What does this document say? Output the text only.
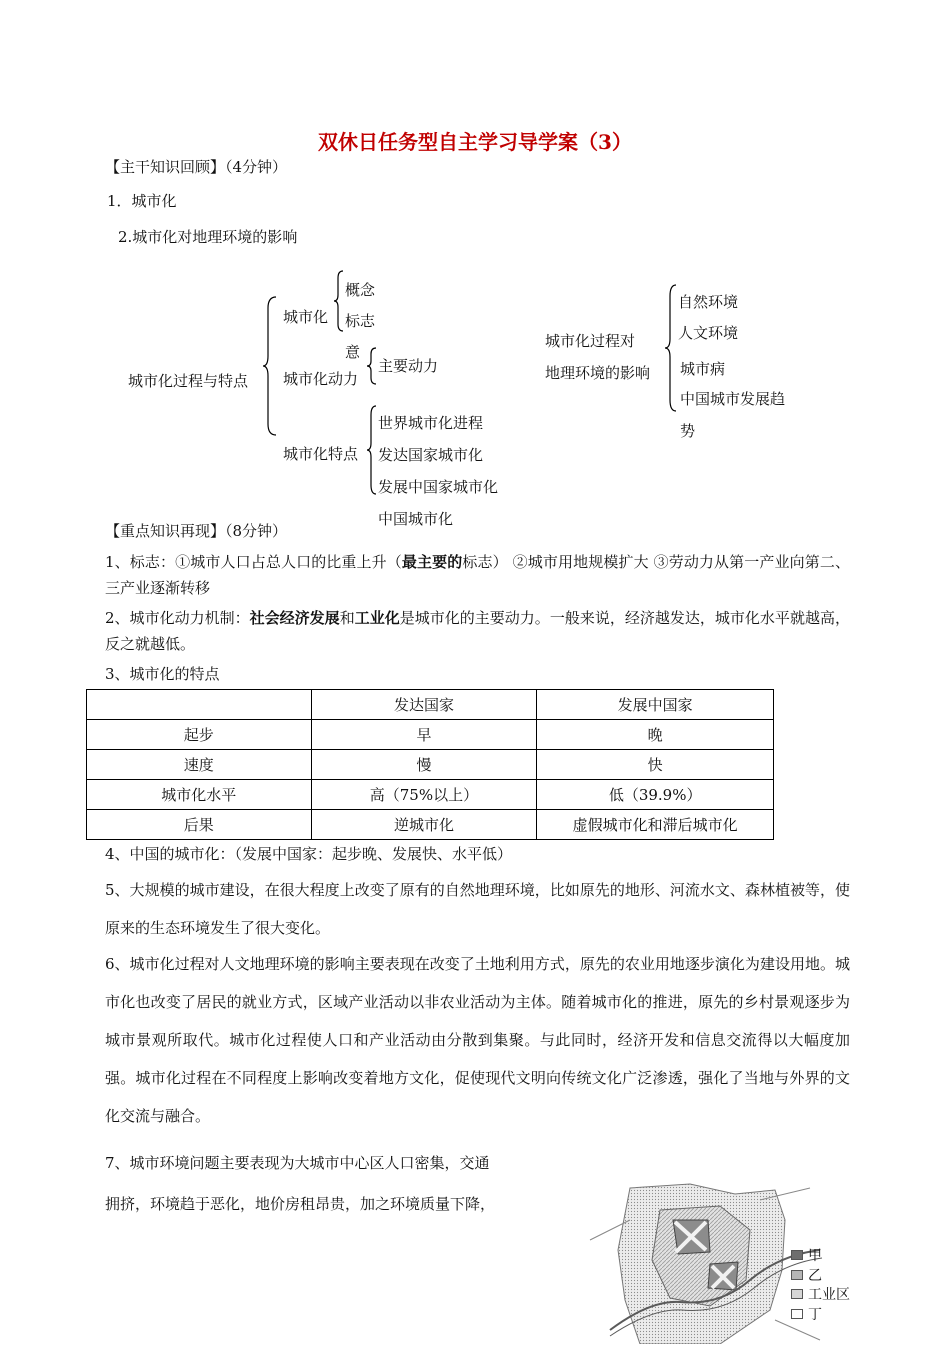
双休日任务型自主学习导学案（3）
【主干知识回顾】（4分钟）
1．城市化
2.城市化对地理环境的影响
城市化过程与特点
城市化
城市化动力
城市化特点
概念
标志
意
主要动力
世界城市化进程
发达国家城市化
发展中国家城市化
中国城市化
城市化过程对
地理环境的影响
自然环境
人文环境
城市病
中国城市发展趋
势
【重点知识再现】（8分钟）
1、标志：①城市人口占总人口的比重上升（最主要的标志） ②城市用地规模扩大 ③劳动力从第一产业向第二、三产业逐渐转移
2、城市化动力机制：社会经济发展和工业化是城市化的主要动力。一般来说，经济越发达，城市化水平就越高，反之就越低。
3、城市化的特点
	发达国家	发展中国家
起步	早	晚
速度	慢	快
城市化水平	高（75%以上）	低（39.9%）
后果	逆城市化	虚假城市化和滞后城市化
4、中国的城市化：（发展中国家：起步晚、发展快、水平低）
5、大规模的城市建设，在很大程度上改变了原有的自然地理环境，比如原先的地形、河流水文、森林植被等，使原来的生态环境发生了很大变化。
6、城市化过程对人文地理环境的影响主要表现在改变了土地利用方式，原先的农业用地逐步演化为建设用地。城市化也改变了居民的就业方式，区域产业活动以非农业活动为主体。随着城市化的推进，原先的乡村景观逐步为城市景观所取代。城市化过程使人口和产业活动由分散到集聚。与此同时，经济开发和信息交流得以大幅度加强。城市化过程在不同程度上影响改变着地方文化，促使现代文明向传统文化广泛渗透，强化了当地与外界的文化交流与融合。
7、城市环境问题主要表现为大城市中心区人口密集，交通
拥挤，环境趋于恶化，地价房租昂贵，加之环境质量下降，
甲
乙
工业区
丁
